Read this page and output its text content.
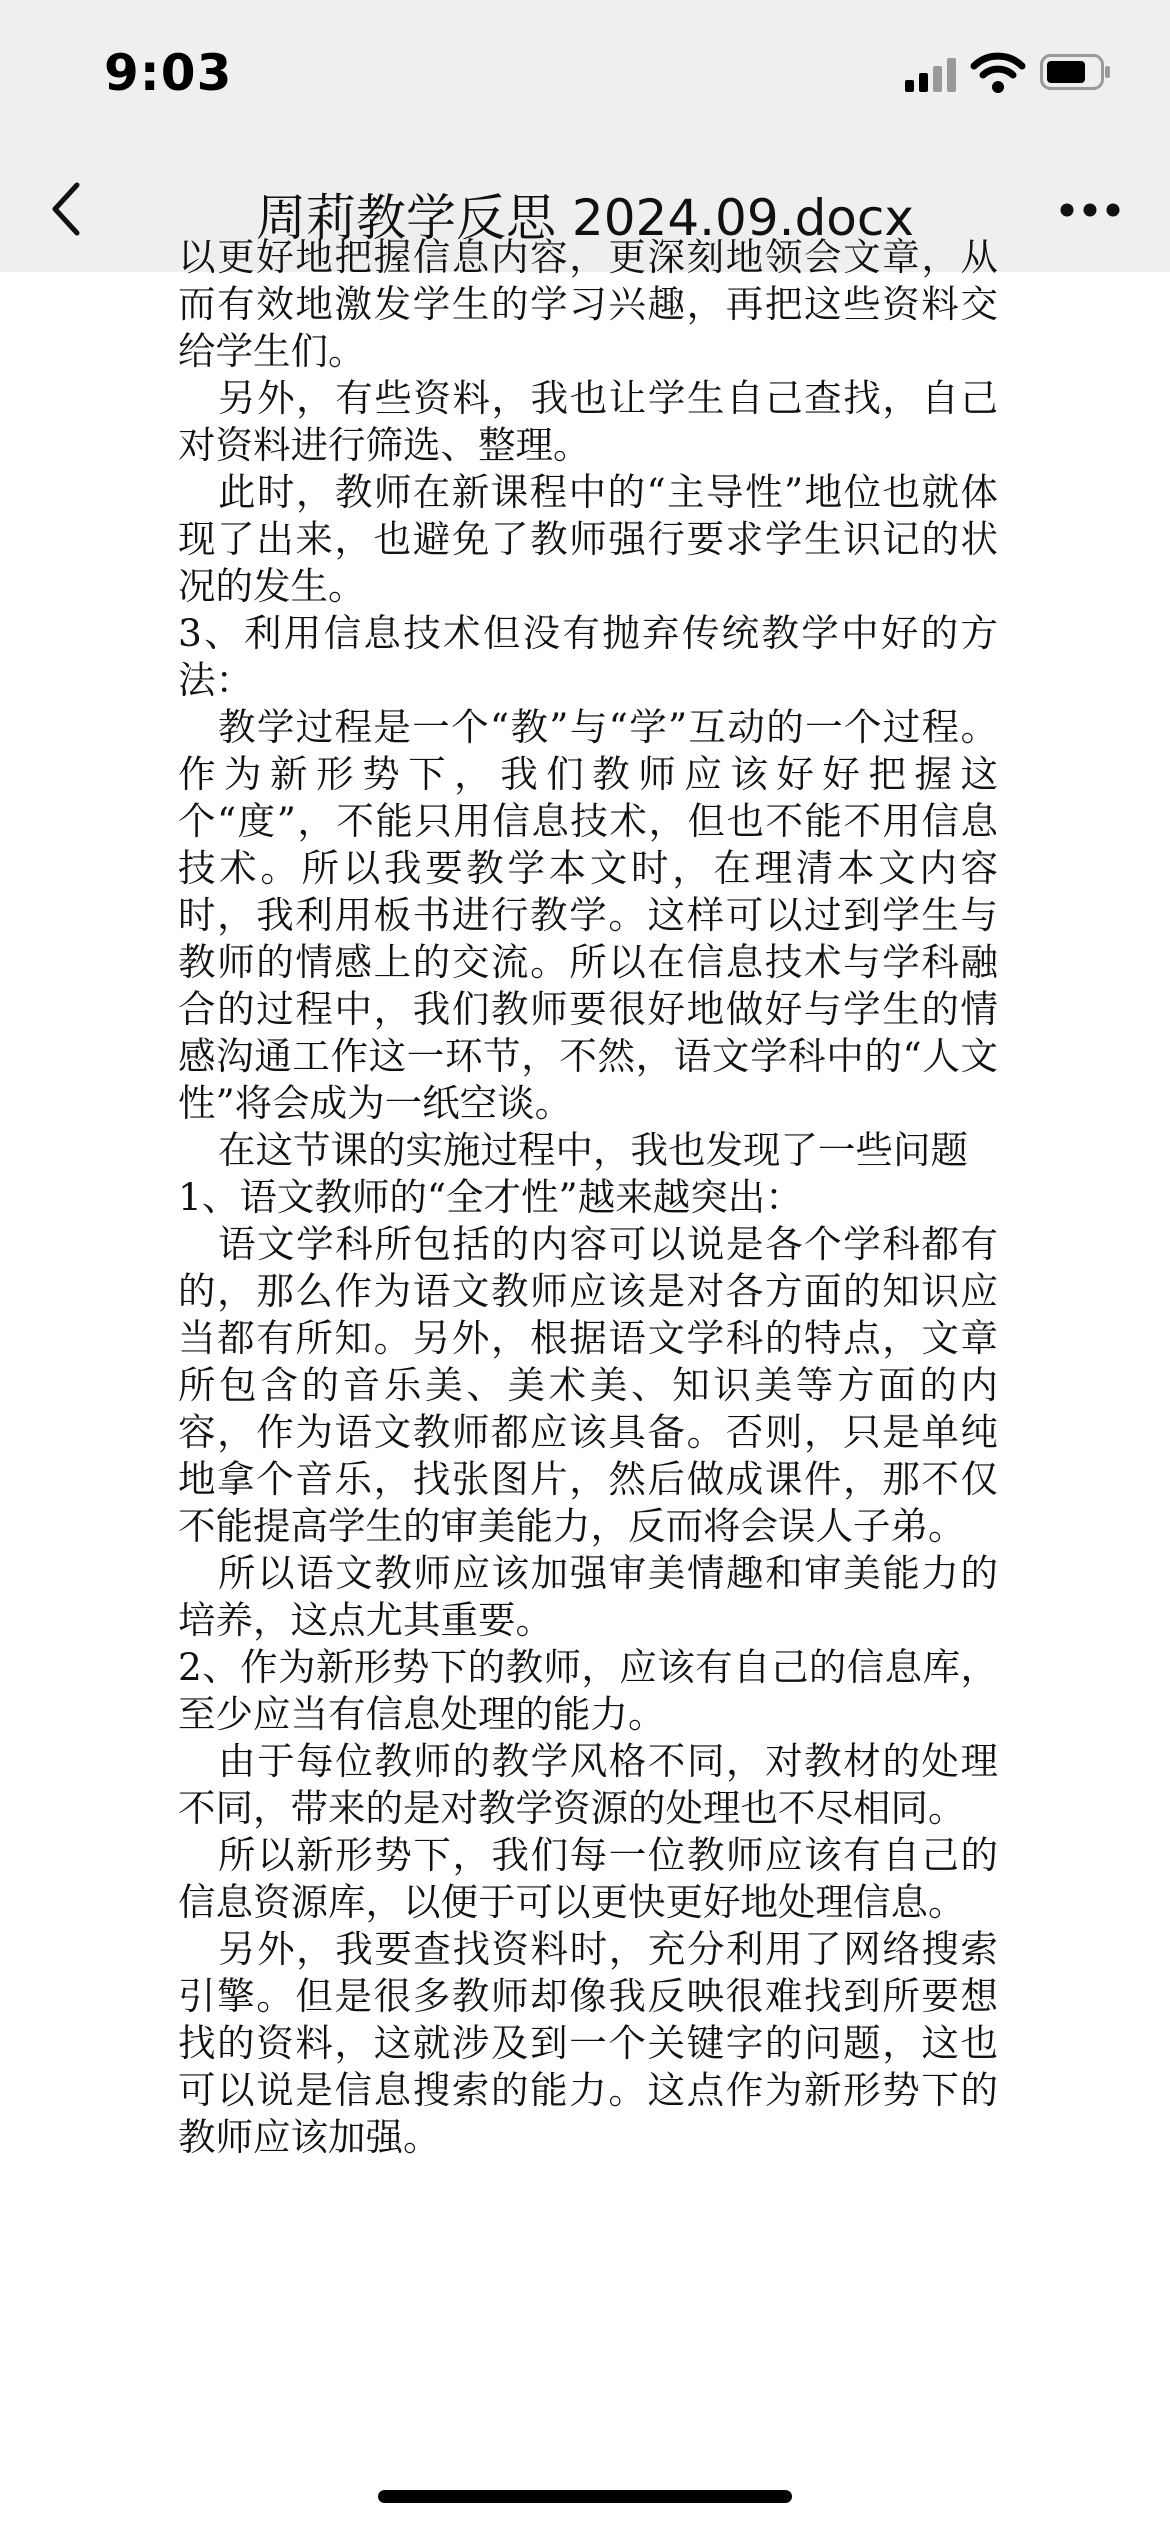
9:03
周莉教学反思 2024.09.docx

以更好地把握信息内容，更深刻地领会文章，从而有效地激发学生的学习兴趣，再把这些资料交给学生们。

另外，有些资料，我也让学生自己查找，自己对资料进行筛选、整理。

此时，教师在新课程中的“主导性”地位也就体现了出来，也避免了教师强行要求学生识记的状况的发生。

3、利用信息技术但没有抛弃传统教学中好的方法：

教学过程是一个“教”与“学”互动的一个过程。作为新形势下，我们教师应该好好把握这个“度”，不能只用信息技术，但也不能不用信息技术。所以我要教学本文时，在理清本文内容时，我利用板书进行教学。这样可以过到学生与教师的情感上的交流。所以在信息技术与学科融合的过程中，我们教师要很好地做好与学生的情感沟通工作这一环节，不然，语文学科中的“人文性”将会成为一纸空谈。

在这节课的实施过程中，我也发现了一些问题

1、语文教师的“全才性”越来越突出：

语文学科所包括的内容可以说是各个学科都有的，那么作为语文教师应该是对各方面的知识应当都有所知。另外，根据语文学科的特点，文章所包含的音乐美、美术美、知识美等方面的内容，作为语文教师都应该具备。否则，只是单纯地拿个音乐，找张图片，然后做成课件，那不仅不能提高学生的审美能力，反而将会误人子弟。

所以语文教师应该加强审美情趣和审美能力的培养，这点尤其重要。

2、作为新形势下的教师，应该有自己的信息库，至少应当有信息处理的能力。

由于每位教师的教学风格不同，对教材的处理不同，带来的是对教学资源的处理也不尽相同。

所以新形势下，我们每一位教师应该有自己的信息资源库，以便于可以更快更好地处理信息。

另外，我要查找资料时，充分利用了网络搜索引擎。但是很多教师却像我反映很难找到所要想找的资料，这就涉及到一个关键字的问题，这也可以说是信息搜索的能力。这点作为新形势下的教师应该加强。
